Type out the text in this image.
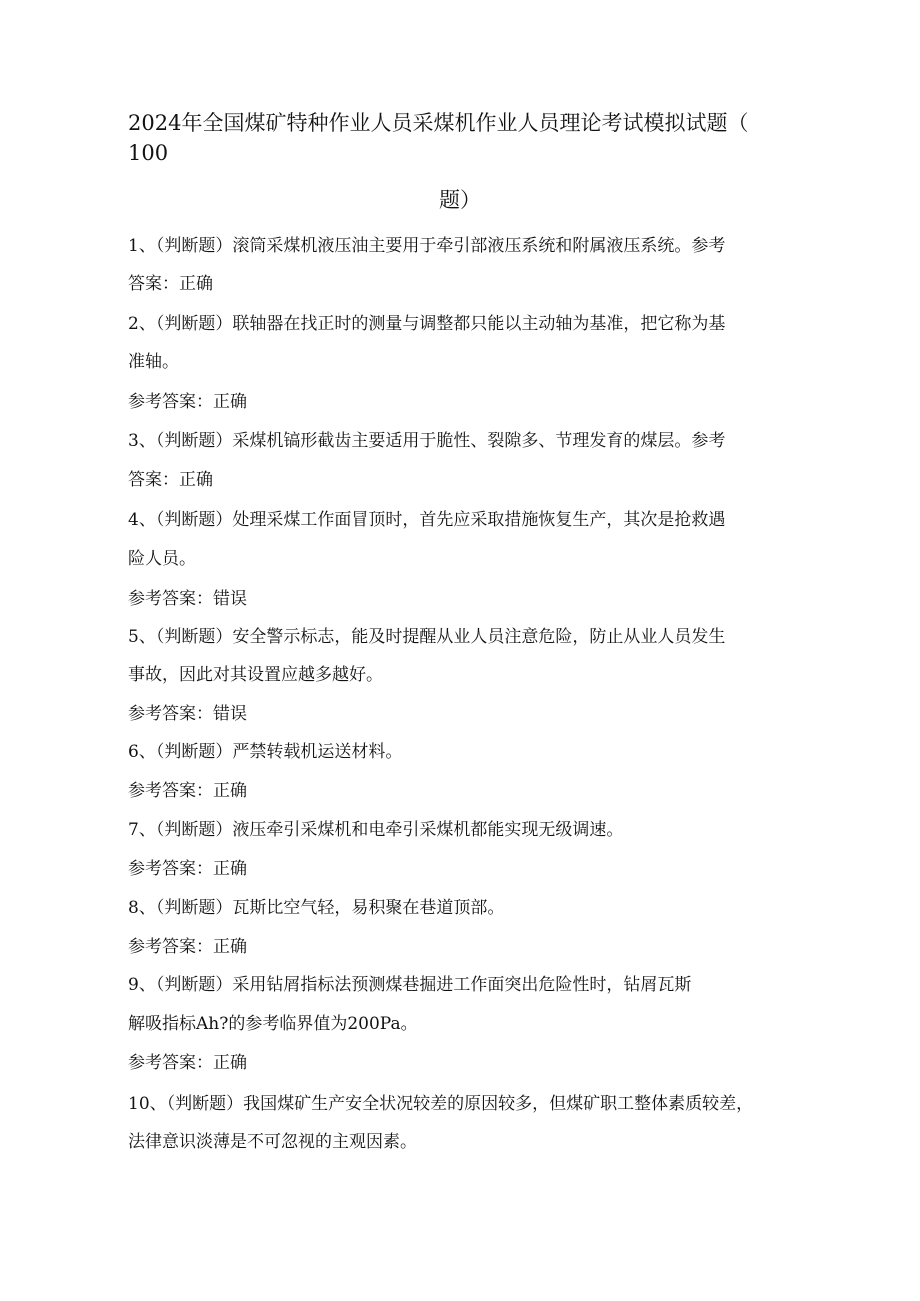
2024年全国煤矿特种作业人员采煤机作业人员理论考试模拟试题（
100
题）
1、（判断题）滚筒采煤机液压油主要用于牵引部液压系统和附属液压系统。参考
答案：正确
2、（判断题）联轴器在找正时的测量与调整都只能以主动轴为基准，把它称为基
准轴。
参考答案：正确
3、（判断题）采煤机镐形截齿主要适用于脆性、裂隙多、节理发育的煤层。参考
答案：正确
4、（判断题）处理采煤工作面冒顶时，首先应采取措施恢复生产，其次是抢救遇
险人员。
参考答案：错误
5、（判断题）安全警示标志，能及时提醒从业人员注意危险，防止从业人员发生
事故，因此对其设置应越多越好。
参考答案：错误
6、（判断题）严禁转载机运送材料。
参考答案：正确
7、（判断题）液压牵引采煤机和电牵引采煤机都能实现无级调速。
参考答案：正确
8、（判断题）瓦斯比空气轻，易积聚在巷道顶部。
参考答案：正确
9、（判断题）采用钻屑指标法预测煤巷掘进工作面突出危险性时，钻屑瓦斯
解吸指标Ah?的参考临界值为200Pa。
参考答案：正确
10、（判断题）我国煤矿生产安全状况较差的原因较多，但煤矿职工整体素质较差，
法律意识淡薄是不可忽视的主观因素。
